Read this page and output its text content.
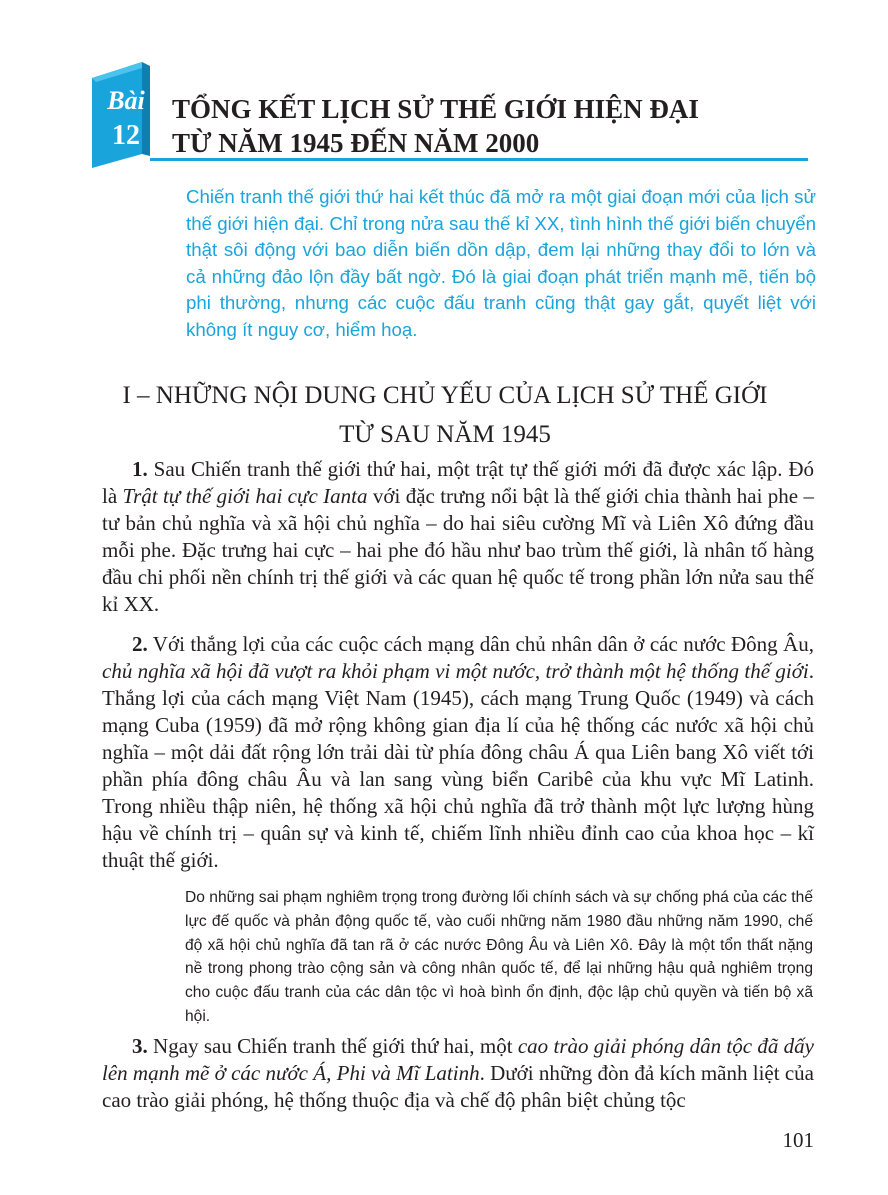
Bài
12
TỔNG KẾT LỊCH SỬ THẾ GIỚI HIỆN ĐẠI
TỪ NĂM 1945 ĐẾN NĂM 2000

Chiến tranh thế giới thứ hai kết thúc đã mở ra một giai đoạn mới của lịch sử thế giới hiện đại. Chỉ trong nửa sau thế kỉ XX, tình hình thế giới biến chuyển thật sôi động với bao diễn biến dồn dập, đem lại những thay đổi to lớn và cả những đảo lộn đầy bất ngờ. Đó là giai đoạn phát triển mạnh mẽ, tiến bộ phi thường, nhưng các cuộc đấu tranh cũng thật gay gắt, quyết liệt với không ít nguy cơ, hiểm hoạ.

I – NHỮNG NỘI DUNG CHỦ YẾU CỦA LỊCH SỬ THẾ GIỚI
TỪ SAU NĂM 1945

1. Sau Chiến tranh thế giới thứ hai, một trật tự thế giới mới đã được xác lập. Đó là Trật tự thế giới hai cực Ianta với đặc trưng nổi bật là thế giới chia thành hai phe – tư bản chủ nghĩa và xã hội chủ nghĩa – do hai siêu cường Mĩ và Liên Xô đứng đầu mỗi phe. Đặc trưng hai cực – hai phe đó hầu như bao trùm thế giới, là nhân tố hàng đầu chi phối nền chính trị thế giới và các quan hệ quốc tế trong phần lớn nửa sau thế kỉ XX.

2. Với thắng lợi của các cuộc cách mạng dân chủ nhân dân ở các nước Đông Âu, chủ nghĩa xã hội đã vượt ra khỏi phạm vi một nước, trở thành một hệ thống thế giới. Thắng lợi của cách mạng Việt Nam (1945), cách mạng Trung Quốc (1949) và cách mạng Cuba (1959) đã mở rộng không gian địa lí của hệ thống các nước xã hội chủ nghĩa – một dải đất rộng lớn trải dài từ phía đông châu Á qua Liên bang Xô viết tới phần phía đông châu Âu và lan sang vùng biển Caribê của khu vực Mĩ Latinh. Trong nhiều thập niên, hệ thống xã hội chủ nghĩa đã trở thành một lực lượng hùng hậu về chính trị – quân sự và kinh tế, chiếm lĩnh nhiều đỉnh cao của khoa học – kĩ thuật thế giới.

Do những sai phạm nghiêm trọng trong đường lối chính sách và sự chống phá của các thế lực đế quốc và phản động quốc tế, vào cuối những năm 1980 đầu những năm 1990, chế độ xã hội chủ nghĩa đã tan rã ở các nước Đông Âu và Liên Xô. Đây là một tổn thất nặng nề trong phong trào cộng sản và công nhân quốc tế, để lại những hậu quả nghiêm trọng cho cuộc đấu tranh của các dân tộc vì hoà bình ổn định, độc lập chủ quyền và tiến bộ xã hội.

3. Ngay sau Chiến tranh thế giới thứ hai, một cao trào giải phóng dân tộc đã dấy lên mạnh mẽ ở các nước Á, Phi và Mĩ Latinh. Dưới những đòn đả kích mãnh liệt của cao trào giải phóng, hệ thống thuộc địa và chế độ phân biệt chủng tộc

101
